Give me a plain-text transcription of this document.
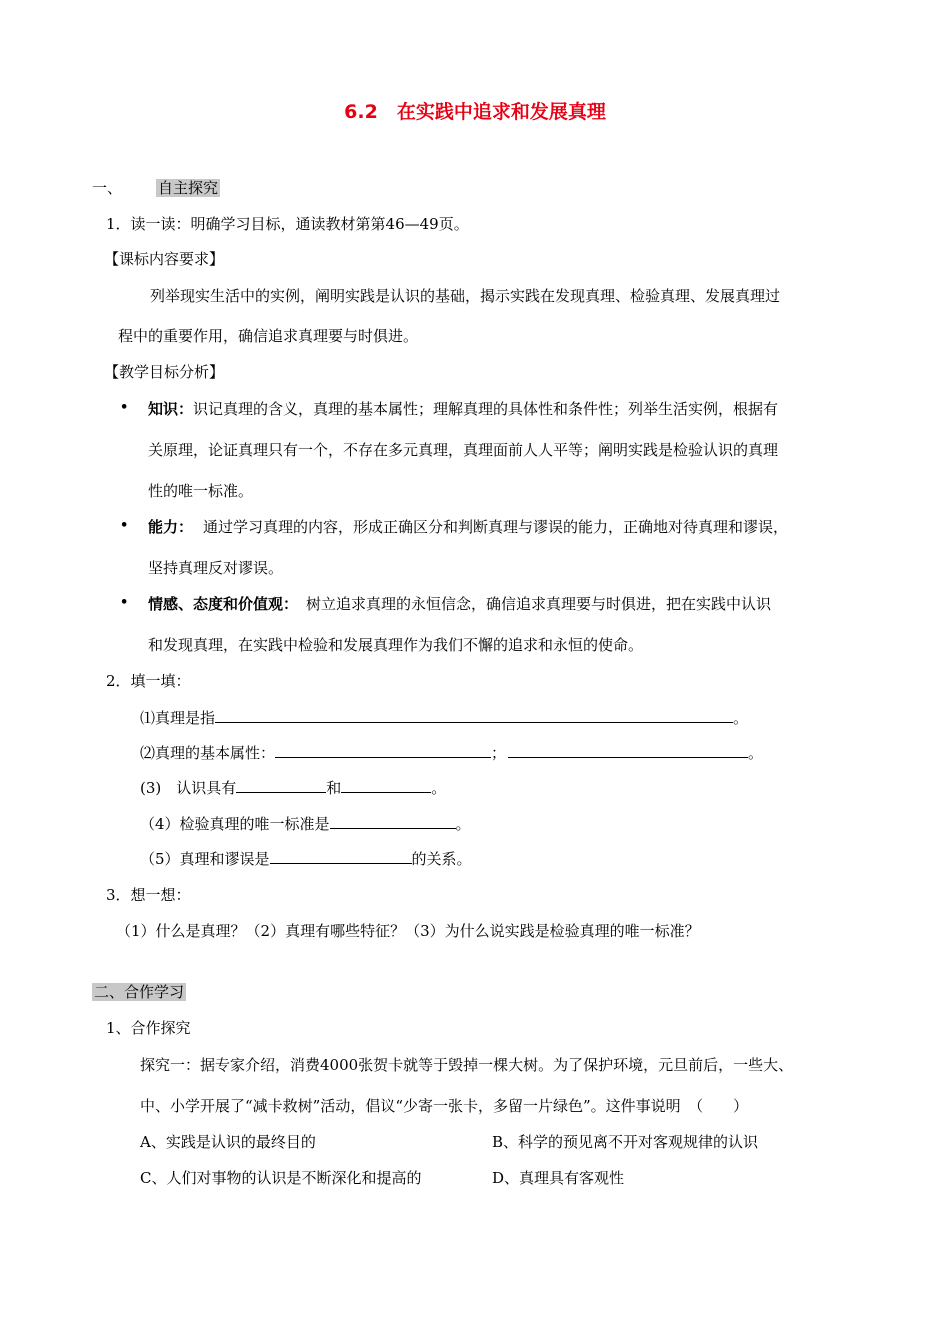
6.2　在实践中追求和发展真理
一、 自主探究
1．读一读：明确学习目标，通读教材第第46—49页。
【课标内容要求】
列举现实生活中的实例，阐明实践是认识的基础，揭示实践在发现真理、检验真理、发展真理过
程中的重要作用，确信追求真理要与时俱进。
【教学目标分析】
• 知识：识记真理的含义，真理的基本属性；理解真理的具体性和条件性；列举生活实例，根据有
关原理，论证真理只有一个，不存在多元真理，真理面前人人平等；阐明实践是检验认识的真理
性的唯一标准。
• 能力： 通过学习真理的内容，形成正确区分和判断真理与谬误的能力，正确地对待真理和谬误，
坚持真理反对谬误。
• 情感、态度和价值观： 树立追求真理的永恒信念，确信追求真理要与时俱进，把在实践中认识
和发现真理，在实践中检验和发展真理作为我们不懈的追求和永恒的使命。
2．填一填：
⑴真理是指	。
⑵真理的基本属性：	；	。
(3)　认识具有	和	。
（4）检验真理的唯一标准是	。
（5）真理和谬误是	的关系。
3．想一想：
（1）什么是真理？（2）真理有哪些特征？（3）为什么说实践是检验真理的唯一标准？
二、合作学习
1、合作探究
探究一：据专家介绍，消费4000张贺卡就等于毁掉一棵大树。为了保护环境，元旦前后，一些大、
中、小学开展了“减卡救树”活动，倡议“少寄一张卡，多留一片绿色”。这件事说明　（　　）
A、实践是认识的最终目的	B、科学的预见离不开对客观规律的认识
C、人们对事物的认识是不断深化和提高的	D、真理具有客观性
